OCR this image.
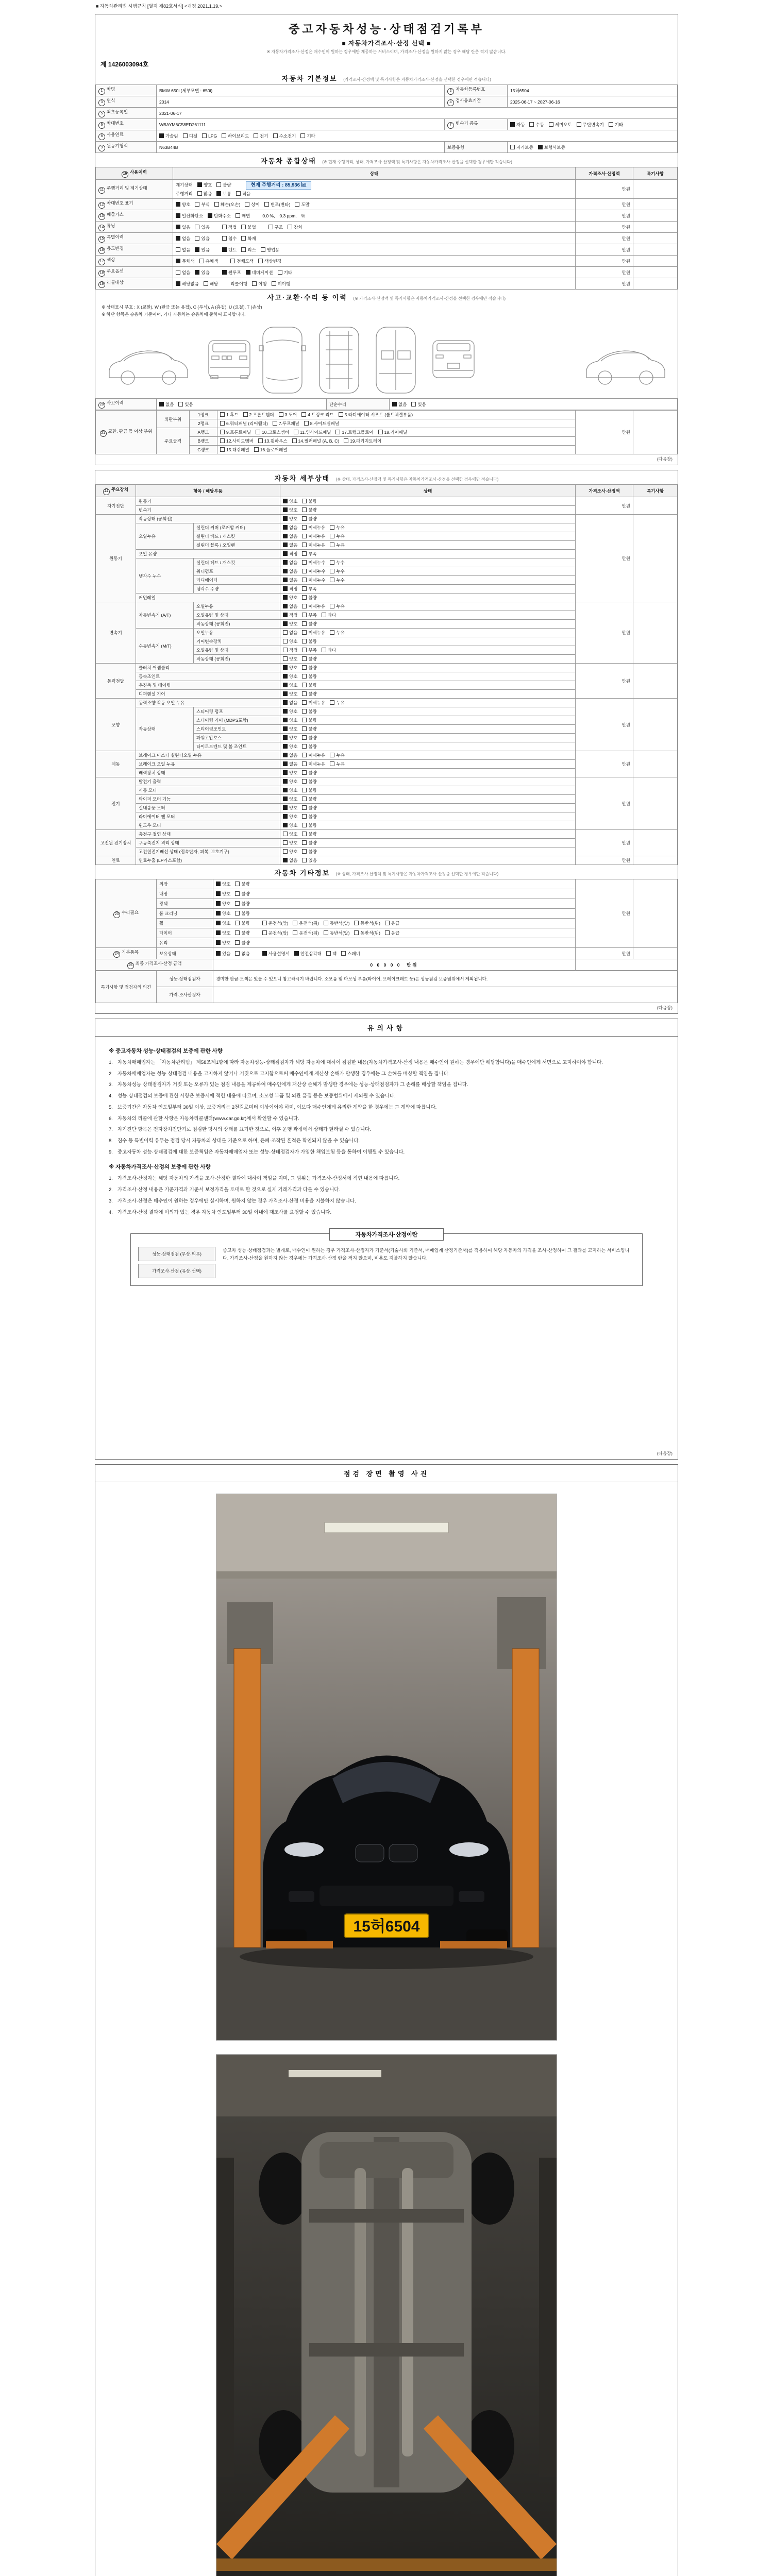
■ 자동차관리법 시행규칙 [별지 제82호서식] <개정 2021.1.19.>
중고자동차성능·상태점검기록부
■ 자동차가격조사·산정 선택 ■
※ 자동차가격조사·산정은 매수인이 원하는 경우에만 제공하는 서비스이며, 가격조사·산정을 원하지 않는 경우 해당 란은 적지 않습니다.
제 1426003094호
자동차 기본정보 (가격조사·산정액 및 특기사항은 자동차가격조사·산정을 선택한 경우에만 적습니다)
1 차명	BMW 650i (세부모델 : 650i)	2 자동차등록번호	15허6504
3 연식	2014	4 검사유효기간	2025-06-17 ~ 2027-06-16
5 최초등록일	2021-06-17		
6 차대번호	WBAYM6C58ED261111	7 변속기 종류	자동 수동 세미오토 무단변속기 기타
8 사용연료	가솔린 디젤 LPG 하이브리드 전기 수소전기 기타		
9 원동기형식	N63B44B	보증유형	자가보증 보험사보증
자동차 종합상태 (※ 현재 주행거리, 상태, 가격조사·산정액 및 특기사항은 자동차가격조사·산정을 선택한 경우에만 적습니다)
10 사용이력	상태	가격조사·산정액	특기사항
11 주행거리 및 계기상태	계기상태 양호 불량 현재 주행거리 : 85,936 ㎞
주행거리 많음 보통 적음	만원	
12 차대번호 표기	양호 부식 훼손(오손) 상이 변조(변타) 도말	만원	
13 배출가스	일산화탄소 탄화수소 매연 0.0 %, 0.3 ppm, %	만원	
14 튜닝	없음 있음 적법 불법 구조 장치	만원	
15 특별이력	없음 있음 침수 화재	만원	
16 용도변경	없음 있음 렌트 리스 영업용	만원	
17 색상	무채색 유채색 전체도색 색상변경	만원	
18 주요옵션	없음 있음 썬루프 네비게이션 기타	만원	
19 리콜대상	해당없음 해당 리콜이행 이행 미이행	만원	
사고·교환·수리 등 이력 (※ 가격조사·산정액 및 특기사항은 자동차가격조사·산정을 선택한 경우에만 적습니다)
※ 상태표시 부호 : X (교환), W (판금 또는 용접), C (부식), A (흠집), U (요철), T (손상)
※ 하단 항목은 승용차 기준이며, 기타 자동차는 승용차에 준하여 표시합니다.
20 사고이력	없음 있음	단순수리	없음 있음
21 교환, 판금 등 이상 부위	외판부위	1랭크	1.후드 2.프론트휀더 3.도어 4.트렁크 리드 5.라디에이터 서포트 (볼트체결부품)	만원	
		2랭크	6.쿼터패널 (리어휀더) 7.루프패널 8.사이드실패널		
	주요골격	A랭크	9.프론트패널 10.크로스멤버 11.인사이드패널 17.트렁크플로어 18.리어패널		
		B랭크	12.사이드멤버 13.휠하우스 14.필러패널 (A, B, C) 19.패키지트레이		
		C랭크	15.대쉬패널 16.플로어패널		
(다음장)
자동차 세부상태 (※ 상태, 가격조사·산정액 및 특기사항은 자동차가격조사·산정을 선택한 경우에만 적습니다)
22 주요장치	항목 / 해당부품		상태	가격조사·산정액	특기사항
자기진단	원동기		양호 불량	만원	
	변속기		양호 불량		
원동기	작동상태 (공회전)		양호 불량	만원	
	오일누유	실린더 커버 (로커암 커버)	없음 미세누유 누유		
		실린더 헤드 / 개스킷	없음 미세누유 누유		
		실린더 블록 / 오일팬	없음 미세누유 누유		
	오일 유량		적정 부족		
	냉각수 누수	실린더 헤드 / 개스킷	없음 미세누수 누수		
		워터펌프	없음 미세누수 누수		
		라디에이터	없음 미세누수 누수		
		냉각수 수량	적정 부족		
	커먼레일		양호 불량		
변속기	자동변속기 (A/T)	오일누유	없음 미세누유 누유	만원	
		오일유량 및 상태	적정 부족 과다		
		작동상태 (공회전)	양호 불량		
	수동변속기 (M/T)	오일누유	없음 미세누유 누유		
		기어변속장치	양호 불량		
		오일유량 및 상태	적정 부족 과다		
		작동상태 (공회전)	양호 불량		
동력전달	클러치 어셈블리		양호 불량	만원	
	등속조인트		양호 불량		
	추진축 및 베어링		양호 불량		
	디퍼렌셜 기어		양호 불량		
조향	동력조향 작동 오일 누유		없음 미세누유 누유	만원	
	작동상태	스티어링 펌프	양호 불량		
		스티어링 기어 (MDPS포함)	양호 불량		
		스티어링조인트	양호 불량		
		파워고압호스	양호 불량		
		타이로드엔드 및 볼 조인트	양호 불량		
제동	브레이크 마스터 실린더오일 누유		없음 미세누유 누유	만원	
	브레이크 오일 누유		없음 미세누유 누유		
	배력장치 상태		양호 불량		
전기	발전기 출력		양호 불량	만원	
	시동 모터		양호 불량		
	와이퍼 모터 기능		양호 불량		
	실내송풍 모터		양호 불량		
	라디에이터 팬 모터		양호 불량		
	윈도우 모터		양호 불량		
고전원 전기장치	충전구 절연 상태		양호 불량	만원	
	구동축전지 격리 상태		양호 불량		
	고전원전기배선 상태 (접속단자, 피복, 보호기구)		양호 불량		
연료	연료누출 (LP가스포함)		없음 있음	만원	
자동차 기타정보 (※ 상태, 가격조사·산정액 및 특기사항은 자동차가격조사·산정을 선택한 경우에만 적습니다)
23 수리필요	외장	양호 불량	만원	
	내장	양호 불량		

	광택	양호 불량		

	룸 크리닝	양호 불량		

	휠	양호 불량 운전석(앞) 운전석(뒤) 동반석(앞) 동반석(뒤) 응급		

	타이어	양호 불량 운전석(앞) 운전석(뒤) 동반석(앞) 동반석(뒤) 응급		

	유리	양호 불량		

24 기본품목	보유상태	있음 없음 사용설명서 안전삼각대 잭 스패너	만원	
25 최종 가격조사·산정 금액		0 0 0 0 0  만원		
특기사항 및 점검자의 의견	성능·상태점검자	경미한 판금·도색은 있을 수 있으니 참고하시기 바랍니다. 소모품 및 마모성 부품(타이어, 브레이크패드 등)은 성능점검 보증범위에서 제외됩니다.
	가격·조사산정자	
(다음장)
유의사항
※ 중고자동차 성능·상태점검의 보증에 관한 사항
1. 자동차매매업자는 「자동차관리법」 제58조제1항에 따라 자동차성능·상태점검자가 해당 자동차에 대하여 점검한 내용(자동차가격조사·산정 내용은 매수인이 원하는 경우에만 해당합니다)을 매수인에게 서면으로 고지하여야 합니다.
2. 자동차매매업자는 성능·상태점검 내용을 고지하지 않거나 거짓으로 고지함으로써 매수인에게 재산상 손해가 발생한 경우에는 그 손해를 배상할 책임을 집니다.
3. 자동차성능·상태점검자가 거짓 또는 오류가 있는 점검 내용을 제공하여 매수인에게 재산상 손해가 발생한 경우에는 성능·상태점검자가 그 손해를 배상할 책임을 집니다.
4. 성능·상태점검의 보증에 관한 사항은 보증서에 적힌 내용에 따르며, 소모성 부품 및 외관 흠집 등은 보증범위에서 제외될 수 있습니다.
5. 보증기간은 자동차 인도일부터 30일 이상, 보증거리는 2천킬로미터 이상이어야 하며, 이보다 매수인에게 유리한 계약을 한 경우에는 그 계약에 따릅니다.
6. 자동차의 리콜에 관한 사항은 자동차리콜센터(www.car.go.kr)에서 확인할 수 있습니다.
7. 자기진단 항목은 전자장치진단기로 점검한 당시의 상태를 표기한 것으로, 이후 운행 과정에서 상태가 달라질 수 있습니다.
8. 침수 등 특별이력 유무는 점검 당시 자동차의 상태를 기준으로 하며, 은폐·조작된 흔적은 확인되지 않을 수 있습니다.
9. 중고자동차 성능·상태점검에 대한 보증책임은 자동차매매업자 또는 성능·상태점검자가 가입한 책임보험 등을 통하여 이행될 수 있습니다.
※ 자동차가격조사·산정의 보증에 관한 사항
1. 가격조사·산정자는 해당 자동차의 가격을 조사·산정한 결과에 대하여 책임을 지며, 그 범위는 가격조사·산정서에 적힌 내용에 따릅니다.
2. 가격조사·산정 내용은 기준가격과 기준서 보정가격을 토대로 한 것으로 실제 거래가격과 다를 수 있습니다.
3. 가격조사·산정은 매수인이 원하는 경우에만 실시하며, 원하지 않는 경우 가격조사·산정 비용을 지불하지 않습니다.
4. 가격조사·산정 결과에 이의가 있는 경우 자동차 인도일부터 30일 이내에 재조사를 요청할 수 있습니다.
자동차가격조사·산정이란
성능·상태점검 (무상·의무)
가격조사·산정 (유상·선택)
중고차 성능·상태점검과는 별개로, 매수인이 원하는 경우 가격조사·산정자가 기준서(기술사회 기준서, 매매업계 산정기준서)를 적용하여 해당 자동차의 가격을 조사·산정하여 그 결과를 고지하는 서비스입니다. 가격조사·산정을 원하지 않는 경우에는 가격조사·산정 란을 적지 않으며, 비용도 지불하지 않습니다.
(다음장)
점검 장면 촬영 사진
15허6504
